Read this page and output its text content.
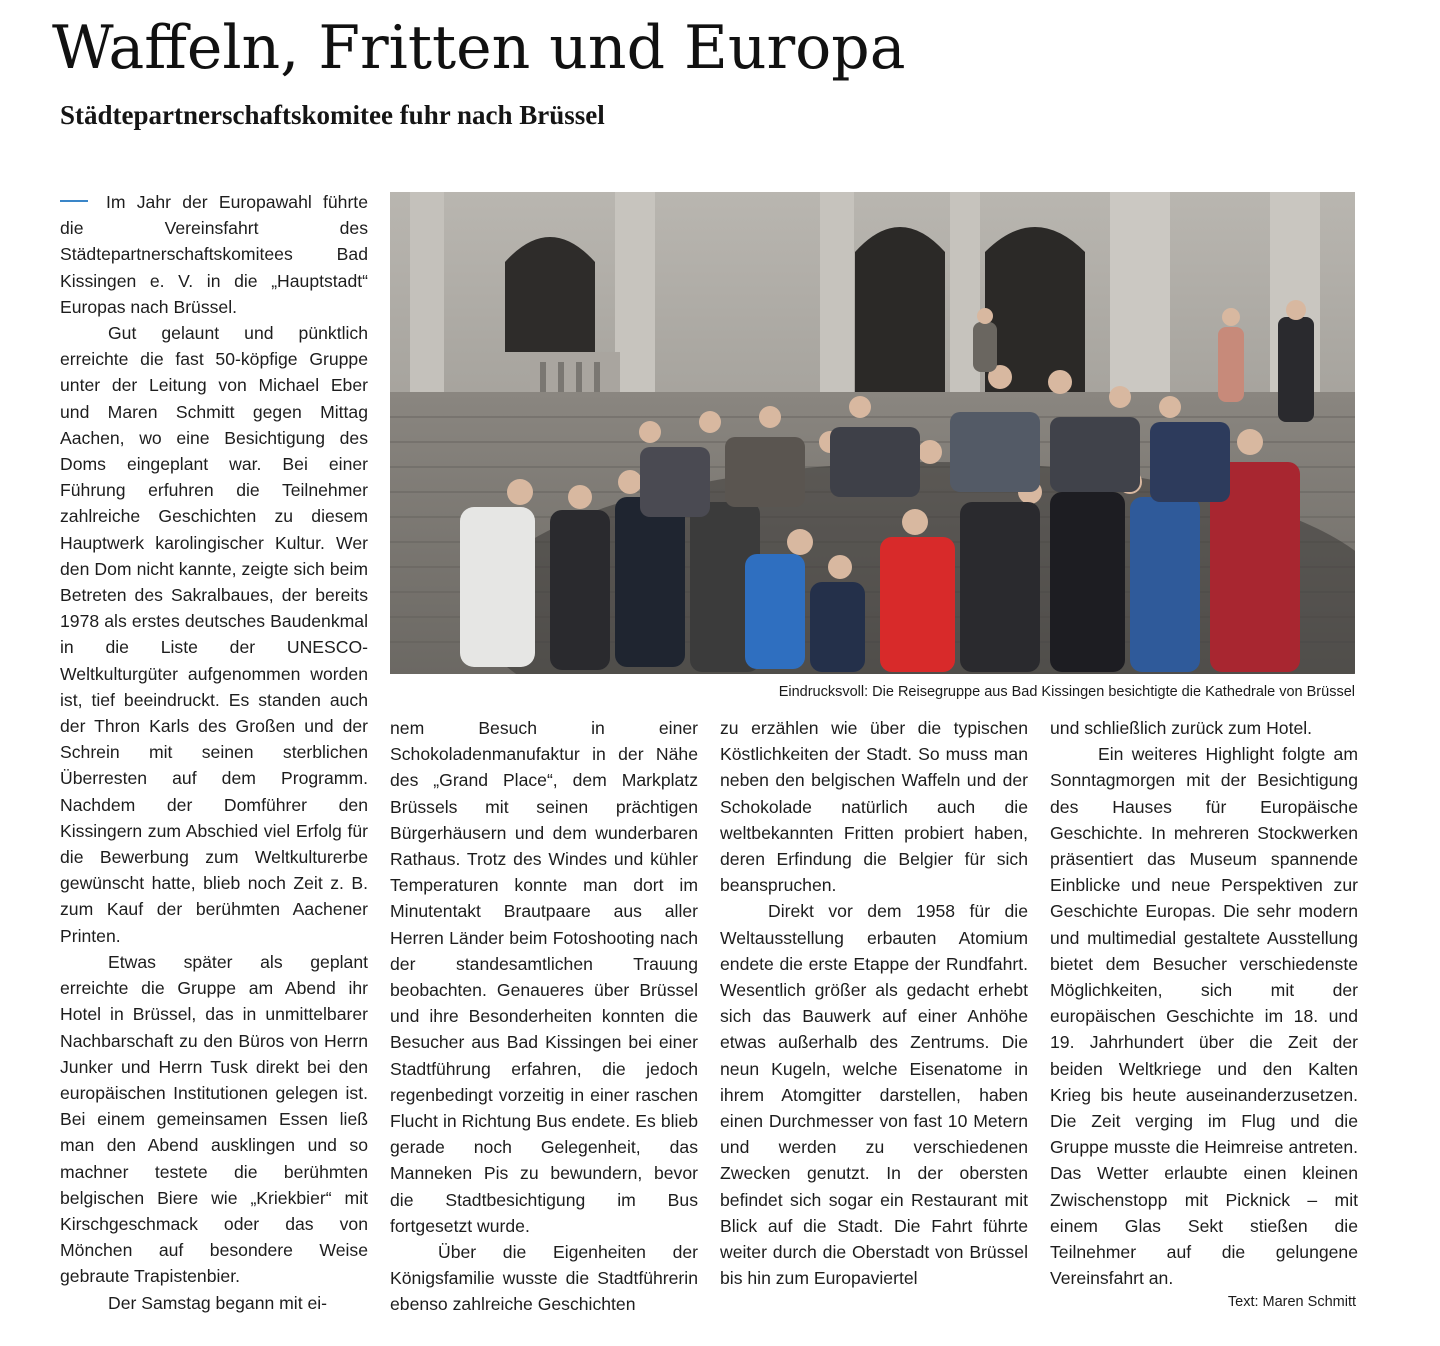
Waffeln, Fritten und Europa
Städtepartnerschaftskomitee fuhr nach Brüssel

Im Jahr der Europawahl führte die Vereinsfahrt des Städtepartnerschaftskomitees Bad Kissingen e. V. in die „Hauptstadt“ Europas nach Brüssel.

Gut gelaunt und pünktlich erreichte die fast 50-köpfige Gruppe unter der Leitung von Michael Eber und Maren Schmitt gegen Mittag Aachen, wo eine Besichtigung des Doms eingeplant war. Bei einer Führung erfuhren die Teilnehmer zahlreiche Geschichten zu diesem Hauptwerk karolingischer Kultur. Wer den Dom nicht kannte, zeigte sich beim Betreten des Sakralbaues, der bereits 1978 als erstes deutsches Baudenkmal in die Liste der UNESCO-Weltkulturgüter aufgenommen worden ist, tief beeindruckt. Es standen auch der Thron Karls des Großen und der Schrein mit seinen sterblichen Überresten auf dem Programm. Nachdem der Domführer den Kissingern zum Abschied viel Erfolg für die Bewerbung zum Weltkulturerbe gewünscht hatte, blieb noch Zeit z. B. zum Kauf der berühmten Aachener Printen.

Etwas später als geplant erreichte die Gruppe am Abend ihr Hotel in Brüssel, das in unmittelbarer Nachbarschaft zu den Büros von Herrn Junker und Herrn Tusk direkt bei den europäischen Institutionen gelegen ist. Bei einem gemeinsamen Essen ließ man den Abend ausklingen und so machner testete die berühmten belgischen Biere wie „Kriekbier“ mit Kirschgeschmack oder das von Mönchen auf besondere Weise gebraute Trapistenbier.

Der Samstag begann mit ei-

Eindrucksvoll: Die Reisegruppe aus Bad Kissingen besichtigte die Kathedrale von Brüssel

nem Besuch in einer Schokoladenmanufaktur in der Nähe des „Grand Place“, dem Markplatz Brüssels mit seinen prächtigen Bürgerhäusern und dem wunderbaren Rathaus. Trotz des Windes und kühler Temperaturen konnte man dort im Minutentakt Brautpaare aus aller Herren Länder beim Fotoshooting nach der standesamtlichen Trauung beobachten. Genaueres über Brüssel und ihre Besonderheiten konnten die Besucher aus Bad Kissingen bei einer Stadtführung erfahren, die jedoch regenbedingt vorzeitig in einer raschen Flucht in Richtung Bus endete. Es blieb gerade noch Gelegenheit, das Manneken Pis zu bewundern, bevor die Stadtbesichtigung im Bus fortgesetzt wurde.

Über die Eigenheiten der Königsfamilie wusste die Stadtführerin ebenso zahlreiche Geschichten

zu erzählen wie über die typischen Köstlichkeiten der Stadt. So muss man neben den belgischen Waffeln und der Schokolade natürlich auch die weltbekannten Fritten probiert haben, deren Erfindung die Belgier für sich beanspruchen.

Direkt vor dem 1958 für die Weltausstellung erbauten Atomium endete die erste Etappe der Rundfahrt. Wesentlich größer als gedacht erhebt sich das Bauwerk auf einer Anhöhe etwas außerhalb des Zentrums. Die neun Kugeln, welche Eisenatome in ihrem Atomgitter darstellen, haben einen Durchmesser von fast 10 Metern und werden zu verschiedenen Zwecken genutzt. In der obersten befindet sich sogar ein Restaurant mit Blick auf die Stadt. Die Fahrt führte weiter durch die Oberstadt von Brüssel bis hin zum Europaviertel

und schließlich zurück zum Hotel.

Ein weiteres Highlight folgte am Sonntagmorgen mit der Besichtigung des Hauses für Europäische Geschichte. In mehreren Stockwerken präsentiert das Museum spannende Einblicke und neue Perspektiven zur Geschichte Europas. Die sehr modern und multimedial gestaltete Ausstellung bietet dem Besucher verschiedenste Möglichkeiten, sich mit der europäischen Geschichte im 18. und 19. Jahrhundert über die Zeit der beiden Weltkriege und den Kalten Krieg bis heute auseinanderzusetzen. Die Zeit verging im Flug und die Gruppe musste die Heimreise antreten. Das Wetter erlaubte einen kleinen Zwischenstopp mit Picknick – mit einem Glas Sekt stießen die Teilnehmer auf die gelungene Vereinsfahrt an.

Text: Maren Schmitt
